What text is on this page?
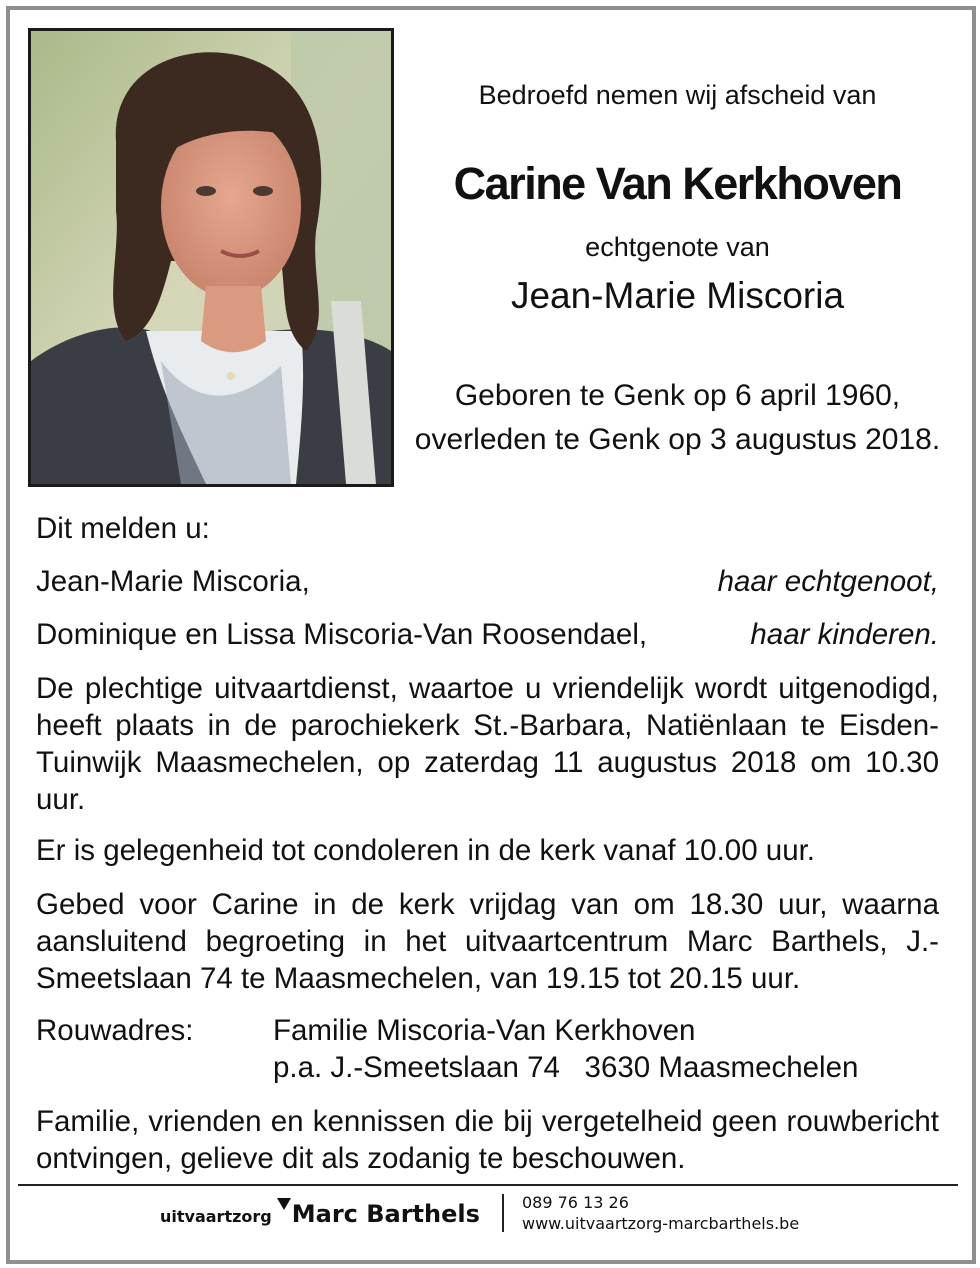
Bedroefd nemen wij afscheid van
Carine Van Kerkhoven
echtgenote van
Jean-Marie Miscoria
Geboren te Genk op 6 april 1960,
overleden te Genk op 3 augustus 2018.
Dit melden u:
Jean-Marie Miscoria,	haar echtgenoot,
Dominique en Lissa Miscoria-Van Roosendael,	haar kinderen.
De plechtige uitvaartdienst, waartoe u vriendelijk wordt uitgenodigd, heeft plaats in de parochiekerk St.-Barbara, Natiënlaan te Eisden-Tuinwijk Maasmechelen, op zaterdag 11 augustus 2018 om 10.30 uur.
Er is gelegenheid tot condoleren in de kerk vanaf 10.00 uur.
Gebed voor Carine in de kerk vrijdag van om 18.30 uur, waarna aansluitend begroeting in het uitvaartcentrum Marc Barthels, J.-Smeetslaan 74 te Maasmechelen, van 19.15 tot 20.15 uur.
Rouwadres:	Familie Miscoria-Van Kerkhoven
p.a. J.-Smeetslaan 74   3630 Maasmechelen
Familie, vrienden en kennissen die bij vergetelheid geen rouwbericht ontvingen, gelieve dit als zodanig te beschouwen.
uitvaartzorg Marc Barthels	089 76 13 26
www.uitvaartzorg-marcbarthels.be
